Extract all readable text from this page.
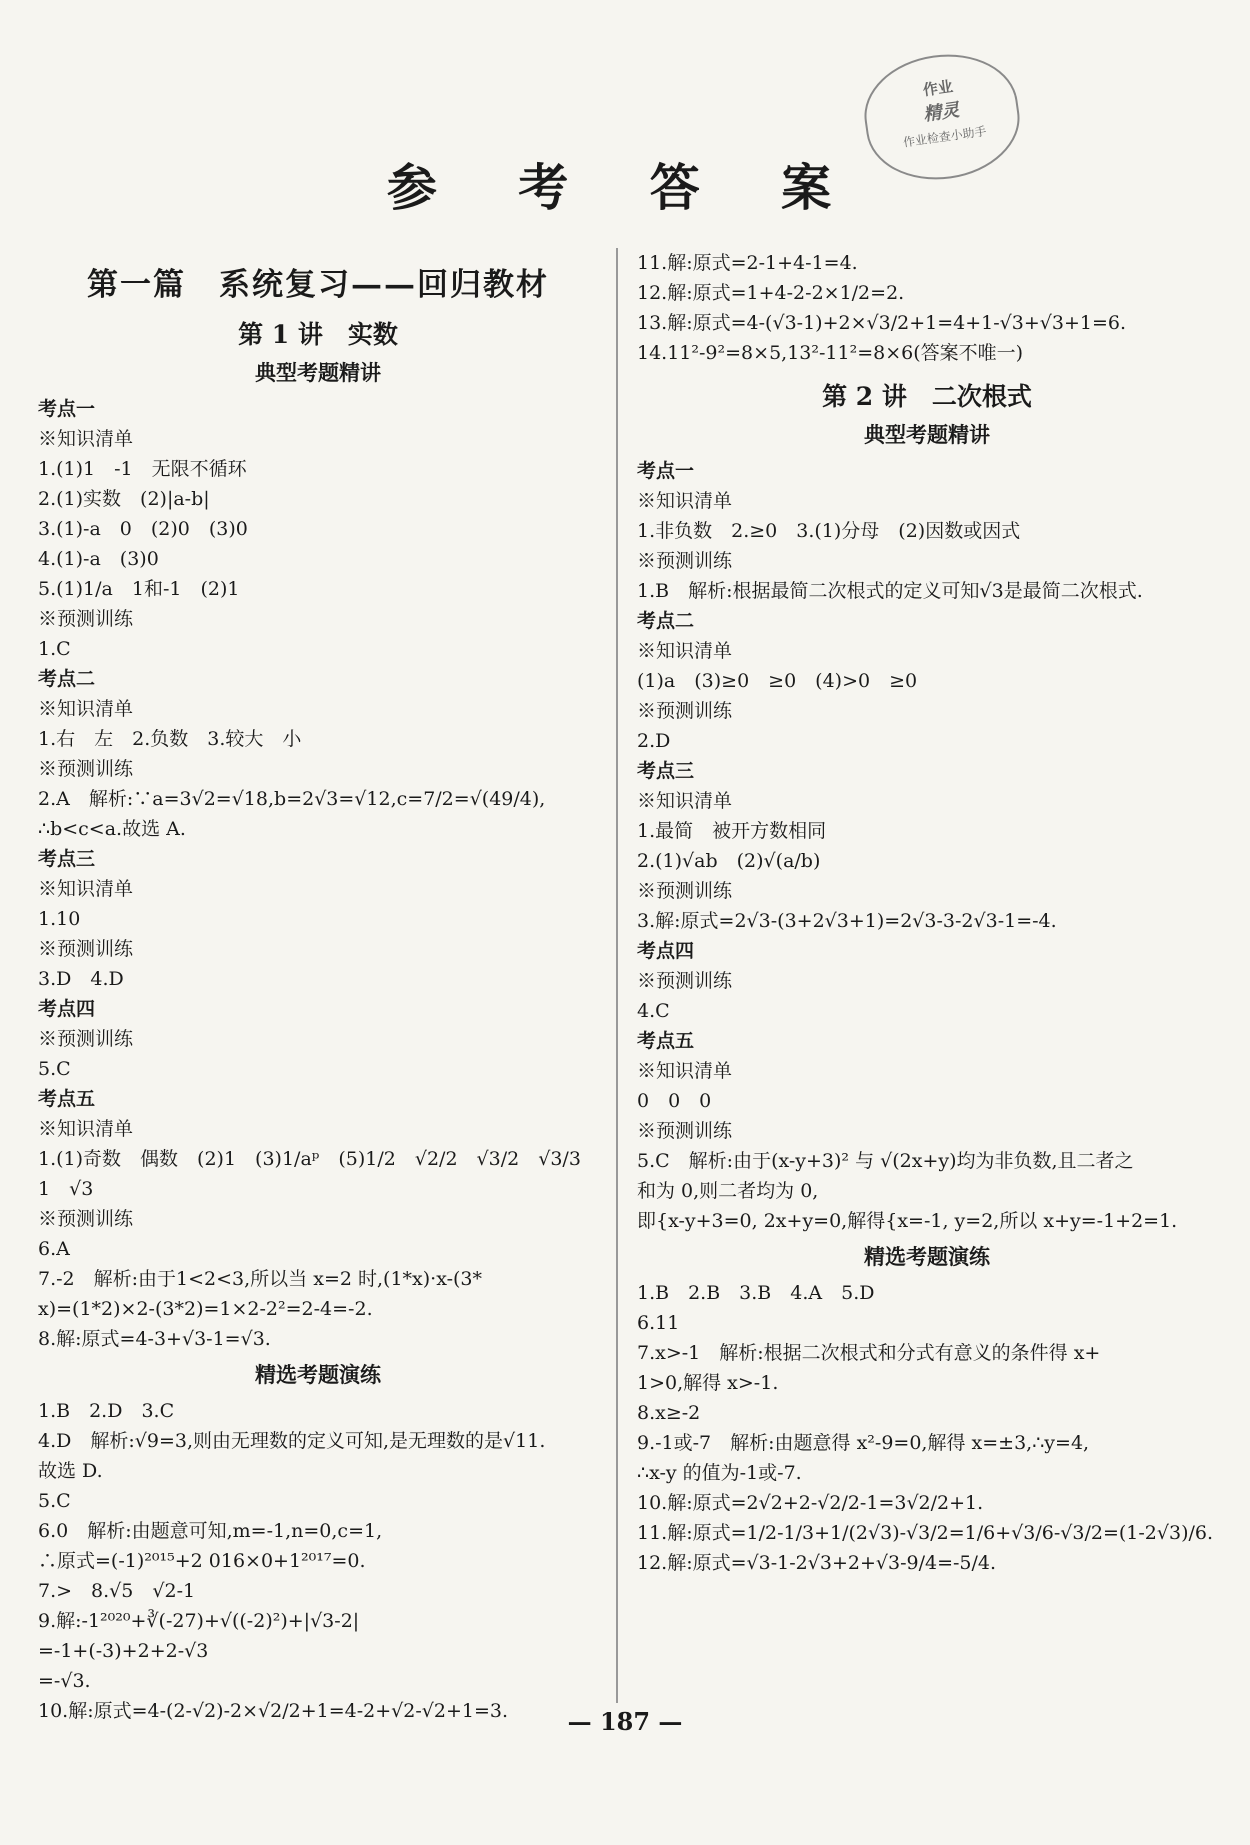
作业
精灵
作业检查小助手
参 考 答 案
第一篇　系统复习——回归教材
第 1 讲　实数
典型考题精讲
考点一
※知识清单
1.(1)1　-1　无限不循环
2.(1)实数　(2)|a-b|
3.(1)-a　0　(2)0　(3)0
4.(1)-a　(3)0
5.(1)1/a　1和-1　(2)1
※预测训练
1.C
考点二
※知识清单
1.右　左　2.负数　3.较大　小
※预测训练
2.A　解析:∵a=3√2=√18,b=2√3=√12,c=7/2=√(49/4),
∴b<c<a.故选 A.
考点三
※知识清单
1.10
※预测训练
3.D　4.D
考点四
※预测训练
5.C
考点五
※知识清单
1.(1)奇数　偶数　(2)1　(3)1/aᵖ　(5)1/2　√2/2　√3/2　√3/3　1　√3
※预测训练
6.A
7.-2　解析:由于1<2<3,所以当 x=2 时,(1*x)·x-(3*
x)=(1*2)×2-(3*2)=1×2-2²=2-4=-2.
8.解:原式=4-3+√3-1=√3.
精选考题演练
1.B　2.D　3.C
4.D　解析:√9=3,则由无理数的定义可知,是无理数的是√11.
故选 D.
5.C
6.0　解析:由题意可知,m=-1,n=0,c=1,
∴原式=(-1)²⁰¹⁵+2 016×0+1²⁰¹⁷=0.
7.>　8.√5　√2-1
9.解:-1²⁰²⁰+∛(-27)+√((-2)²)+|√3-2|
=-1+(-3)+2+2-√3
=-√3.
10.解:原式=4-(2-√2)-2×√2/2+1=4-2+√2-√2+1=3.
11.解:原式=2-1+4-1=4.
12.解:原式=1+4-2-2×1/2=2.
13.解:原式=4-(√3-1)+2×√3/2+1=4+1-√3+√3+1=6.
14.11²-9²=8×5,13²-11²=8×6(答案不唯一)
第 2 讲　二次根式
典型考题精讲
考点一
※知识清单
1.非负数　2.≥0　3.(1)分母　(2)因数或因式
※预测训练
1.B　解析:根据最简二次根式的定义可知√3是最简二次根式.
考点二
※知识清单
(1)a　(3)≥0　≥0　(4)>0　≥0
※预测训练
2.D
考点三
※知识清单
1.最简　被开方数相同
2.(1)√ab　(2)√(a/b)
※预测训练
3.解:原式=2√3-(3+2√3+1)=2√3-3-2√3-1=-4.
考点四
※预测训练
4.C
考点五
※知识清单
0　0　0
※预测训练
5.C　解析:由于(x-y+3)² 与 √(2x+y)均为非负数,且二者之
和为 0,则二者均为 0,
即{x-y+3=0, 2x+y=0,解得{x=-1, y=2,所以 x+y=-1+2=1.
精选考题演练
1.B　2.B　3.B　4.A　5.D
6.11
7.x>-1　解析:根据二次根式和分式有意义的条件得 x+
1>0,解得 x>-1.
8.x≥-2
9.-1或-7　解析:由题意得 x²-9=0,解得 x=±3,∴y=4,
∴x-y 的值为-1或-7.
10.解:原式=2√2+2-√2/2-1=3√2/2+1.
11.解:原式=1/2-1/3+1/(2√3)-√3/2=1/6+√3/6-√3/2=(1-2√3)/6.
12.解:原式=√3-1-2√3+2+√3-9/4=-5/4.
— 187 —
